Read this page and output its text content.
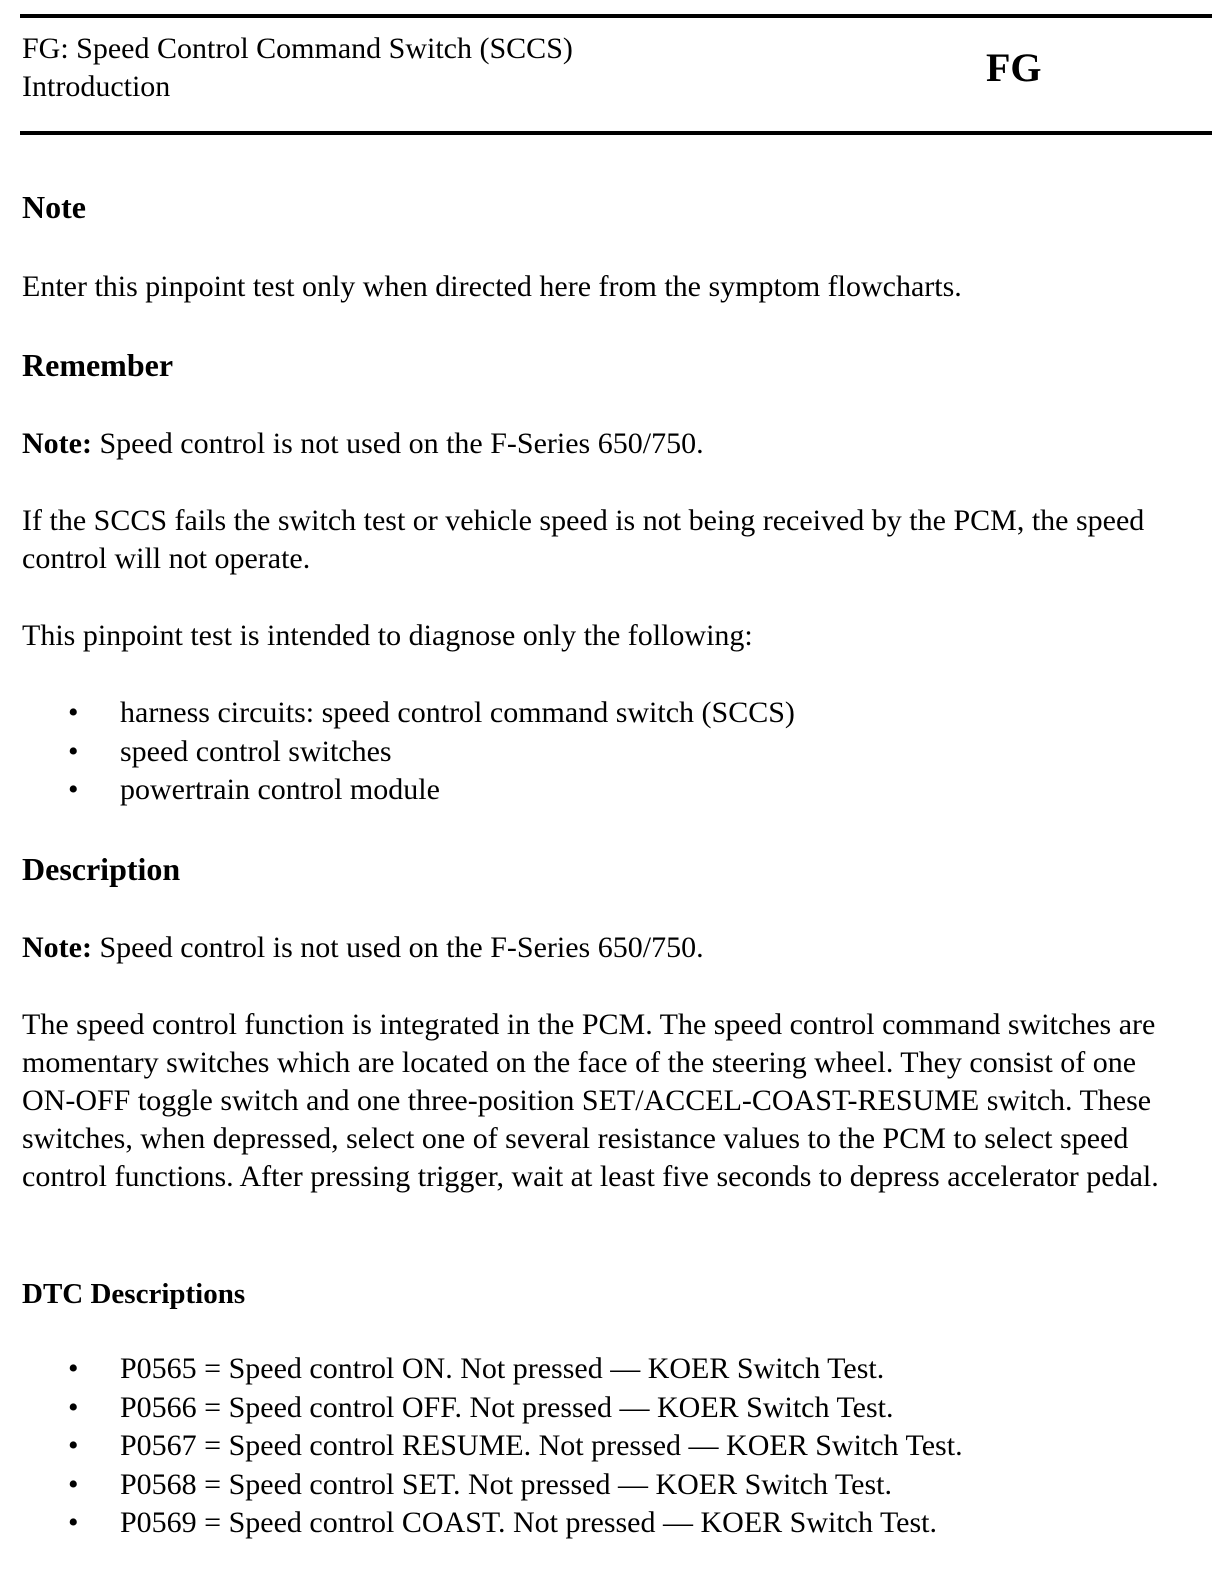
FG: Speed Control Command Switch (SCCS)
Introduction	FG
Note
Enter this pinpoint test only when directed here from the symptom flowcharts.
Remember
Note: Speed control is not used on the F-Series 650/750.
If the SCCS fails the switch test or vehicle speed is not being received by the PCM, the speed control will not operate.
This pinpoint test is intended to diagnose only the following:
• harness circuits: speed control command switch (SCCS)
• speed control switches
• powertrain control module
Description
Note: Speed control is not used on the F-Series 650/750.
The speed control function is integrated in the PCM. The speed control command switches are momentary switches which are located on the face of the steering wheel. They consist of one ON-OFF toggle switch and one three-position SET/ACCEL-COAST-RESUME switch. These switches, when depressed, select one of several resistance values to the PCM to select speed control functions. After pressing trigger, wait at least five seconds to depress accelerator pedal.
DTC Descriptions
• P0565 = Speed control ON. Not pressed — KOER Switch Test.
• P0566 = Speed control OFF. Not pressed — KOER Switch Test.
• P0567 = Speed control RESUME. Not pressed — KOER Switch Test.
• P0568 = Speed control SET. Not pressed — KOER Switch Test.
• P0569 = Speed control COAST. Not pressed — KOER Switch Test.
